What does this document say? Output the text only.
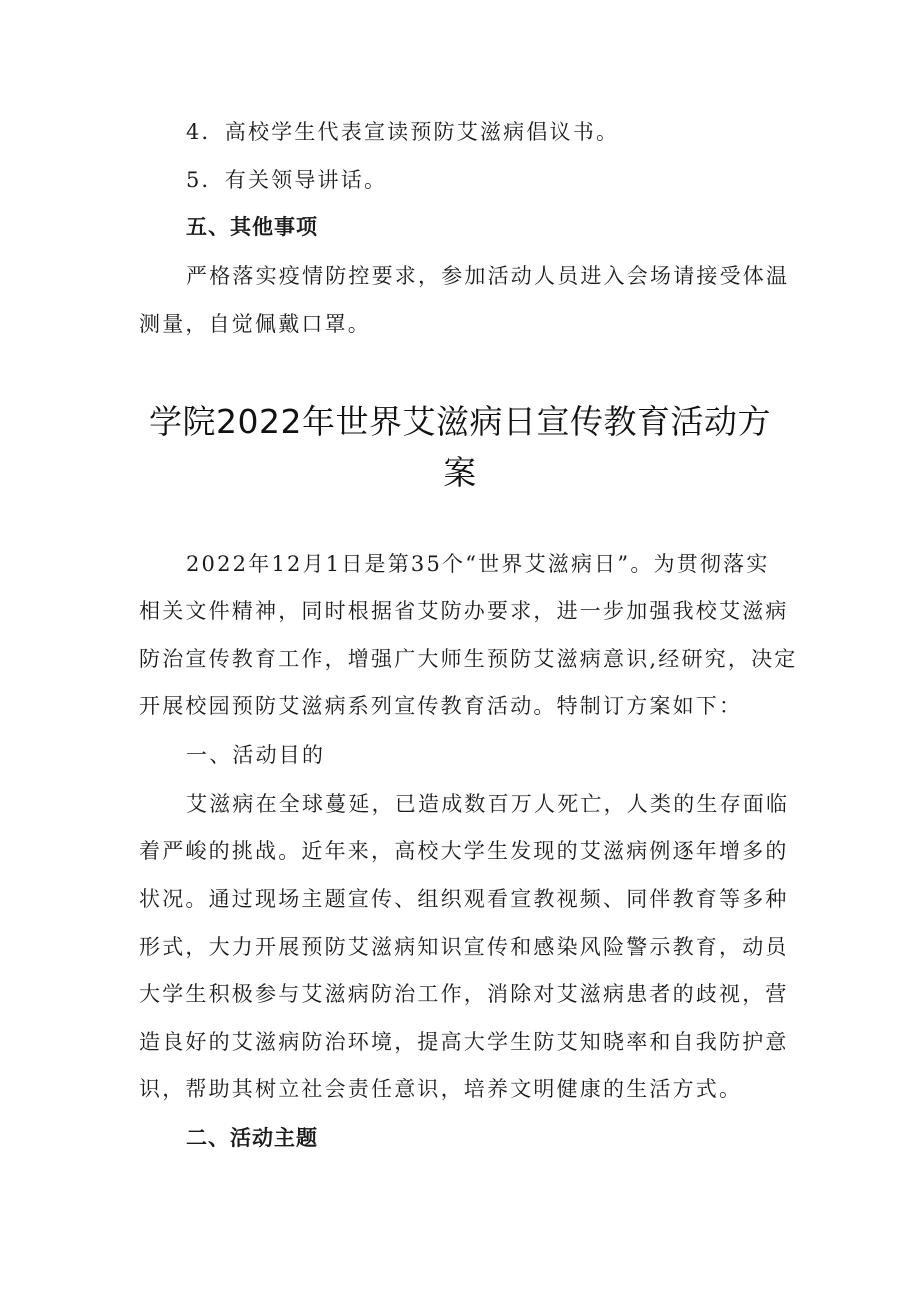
4．高校学生代表宣读预防艾滋病倡议书。
5．有关领导讲话。
五、其他事项
严格落实疫情防控要求，参加活动人员进入会场请接受体温
测量，自觉佩戴口罩。
学院2022年世界艾滋病日宣传教育活动方
案
2022年12月1日是第35个“世界艾滋病日”。为贯彻落实
相关文件精神，同时根据省艾防办要求，进一步加强我校艾滋病
防治宣传教育工作，增强广大师生预防艾滋病意识,经研究，决定
开展校园预防艾滋病系列宣传教育活动。特制订方案如下：
一、活动目的
艾滋病在全球蔓延，已造成数百万人死亡，人类的生存面临
着严峻的挑战。近年来，高校大学生发现的艾滋病例逐年增多的
状况。通过现场主题宣传、组织观看宣教视频、同伴教育等多种
形式，大力开展预防艾滋病知识宣传和感染风险警示教育，动员
大学生积极参与艾滋病防治工作，消除对艾滋病患者的歧视，营
造良好的艾滋病防治环境，提高大学生防艾知晓率和自我防护意
识，帮助其树立社会责任意识，培养文明健康的生活方式。
二、活动主题
